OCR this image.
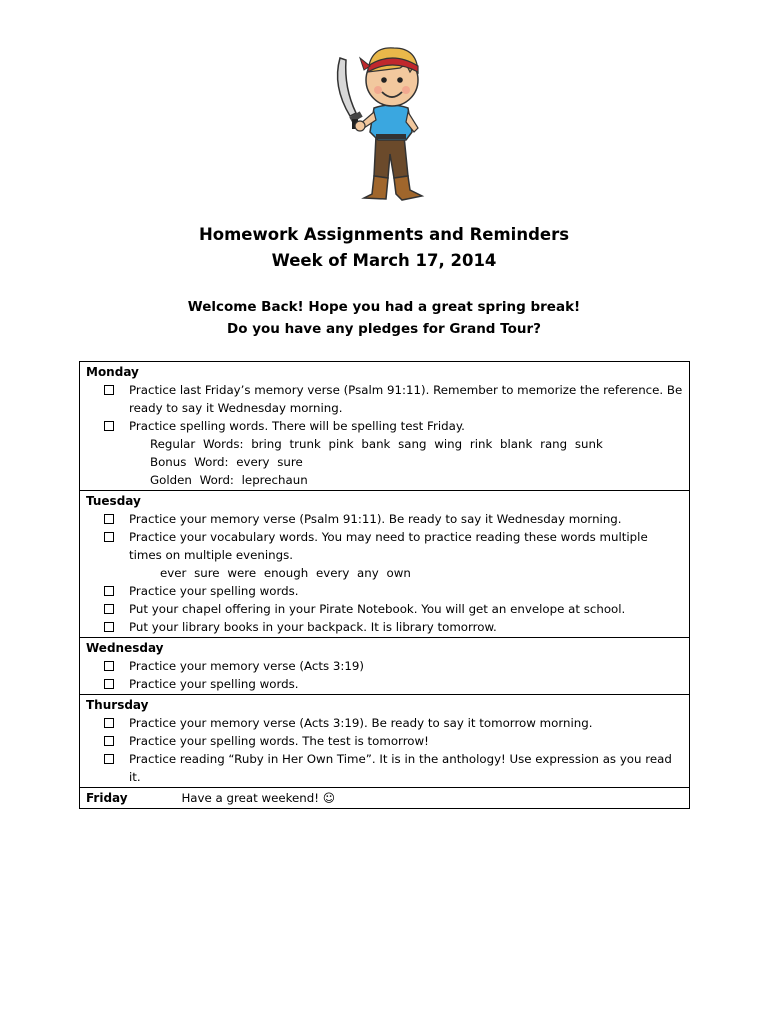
Homework Assignments and Reminders
Week of March 17, 2014
Welcome Back! Hope you had a great spring break!
Do you have any pledges for Grand Tour?
Monday
Practice last Friday’s memory verse (Psalm 91:11). Remember to memorize the reference. Be ready to say it Wednesday morning.
Practice spelling words. There will be spelling test Friday.
Regular Words: bring trunk pink bank sang wing rink blank rang sunk
Bonus Word: every sure
Golden Word: leprechaun

Tuesday
Practice your memory verse (Psalm 91:11). Be ready to say it Wednesday morning.
Practice your vocabulary words. You may need to practice reading these words multiple times on multiple evenings.
ever sure were enough every any own
Practice your spelling words.
Put your chapel offering in your Pirate Notebook. You will get an envelope at school.
Put your library books in your backpack. It is library tomorrow.

Wednesday
Practice your memory verse (Acts 3:19)
Practice your spelling words.

Thursday
Practice your memory verse (Acts 3:19). Be ready to say it tomorrow morning.
Practice your spelling words. The test is tomorrow!
Practice reading “Ruby in Her Own Time”. It is in the anthology! Use expression as you read it.

Friday	Have a great weekend! ☺
